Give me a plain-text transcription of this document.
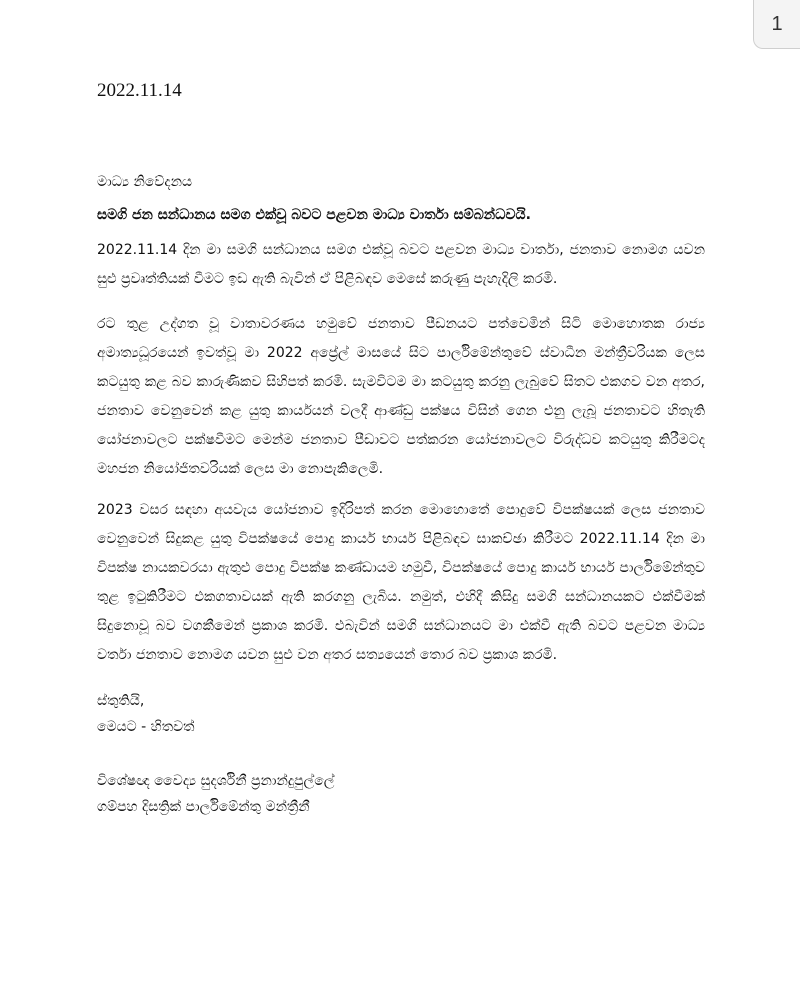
1

2022.11.14

මාධ්‍ය නිවේදනය

සමගි ජන සන්ධානය සමග එක්වූ බවට පළවන මාධ්‍ය වාර්තා සම්බන්ධවයි.

2022.11.14 දින මා සමගි සන්ධානය සමග එක්වූ බවට පළවන මාධ්‍ය වාර්තා, ජනතාව නොමග යවන සුළු ප්‍රවෘත්තියක් වීමට ඉඩ ඇති බැවින් ඒ පිළිබඳව මෙසේ කරුණු පැහැදිලි කරමි.

රට තුළ උද්ගත වූ වාතාවරණය හමුවේ ජනතාව පීඩනයට පත්වෙමින් සිටි මොහොතක රාජ්‍ය අමාත්‍යධූරයෙන් ඉවත්වූ මා 2022 අප්‍රේල් මාසයේ සිට පාර්ලිමේන්තුවේ ස්වාධීන මන්ත්‍රීවරියක ලෙස කටයුතු කළ බව කාරුණිකව සිහිපත් කරමි. සැමවිටම මා කටයුතු කරනු ලැබුවේ සිතට එකගව වන අතර, ජනතාව වෙනුවෙන් කළ යුතු කාර්යයන් වලදී ආණ්ඩු පක්ෂය විසින් ගෙන එනු ලැබූ ජනතාවට හිතැති යෝජනාවලට පක්ෂවීමට මෙන්ම ජනතාව පීඩාවට පත්කරන යෝජනාවලට විරුද්ධව කටයුතු කිරීමටද මහජන නියෝජිතවරියක් ලෙස මා නොපැකිලෙමි.

2023 වසර සඳහා අයවැය යෝජනාව ඉදිරිපත් කරන මොහොතේ පොදුවේ විපක්ෂයක් ලෙස ජනතාව වෙනුවෙන් සිදුකළ යුතු විපක්ෂයේ පොදු කාර්ය භාර්ය පිළිබඳව සාකච්ඡා කිරීමට 2022.11.14 දින මා විපක්ෂ නායකවරයා ඇතුළු පොදු විපක්ෂ කණ්ඩායම හමුවී, විපක්ෂයේ පොදු කාර්ය භාර්ය පාර්ලිමේන්තුව තුළ ඉටුකිරීමට එකගතාවයක් ඇති කරගනු ලැබිය. නමුත්, එහිදී කිසිදු සමගි සන්ධානයකට එක්වීමක් සිදුනොවූ බව වගකීමෙන් ප්‍රකාශ කරමි. එබැවින් සමගි සන්ධානයට මා එක්වී ඇති බවට පළවන මාධ්‍ය වර්තා ජනතාව නොමග යවන සුළු වන අතර සත්‍යයෙන් තොර බව ප්‍රකාශ කරමි.

ස්තුතියි,
මෙයට - හිතවත්
විශේෂඥ වෛද්‍ය සුදර්ශිනී ප්‍රනාන්දුපුල්ලේ
ගම්පහ දිසත්‍රික් පාර්ලිමේන්තු මන්ත්‍රීනී
